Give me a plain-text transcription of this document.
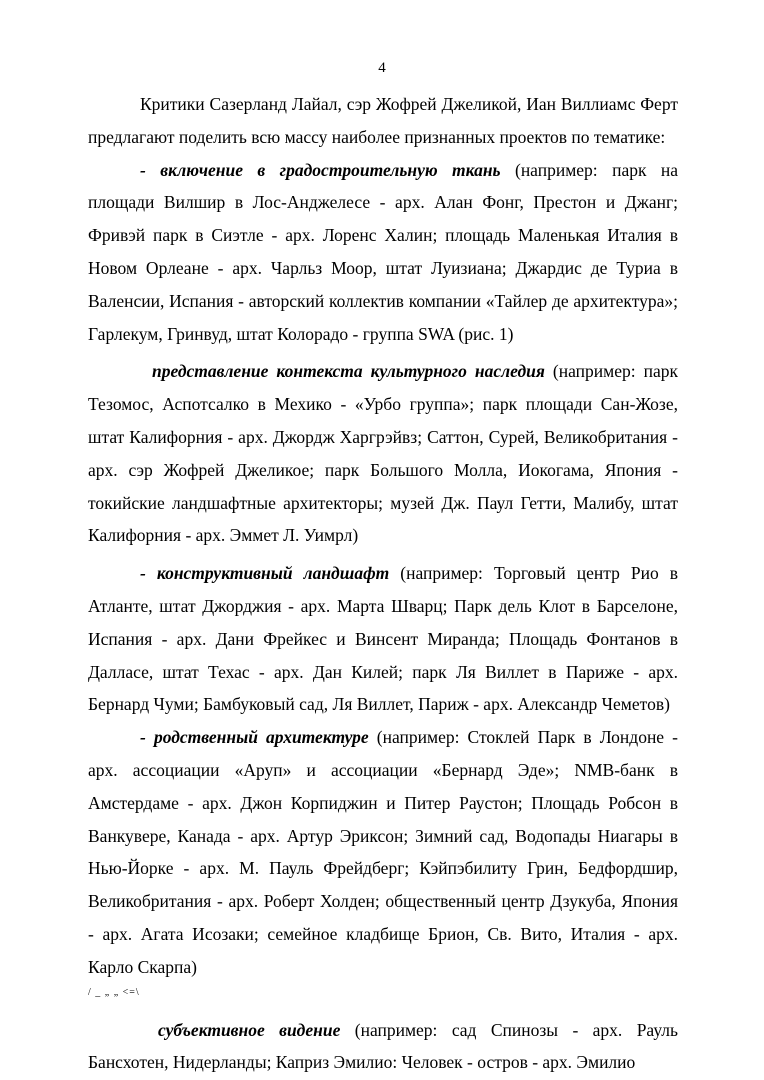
4

Критики Сазерланд Лайал, сэр Жофрей Джеликой, Иан Виллиамс Ферт предлагают поделить всю массу наиболее признанных проектов по тематике:

- включение в градостроительную ткань (например: парк на площади Вилшир в Лос-Анджелесе - арх. Алан Фонг, Престон и Джанг; Фривэй парк в Сиэтле - арх. Лоренс Халин; площадь Маленькая Италия в Новом Орлеане - арх. Чарльз Моор, штат Луизиана; Джардис де Туриа в Валенсии, Испания - авторский коллектив компании «Тайлер де архитектура»; Гарлекум, Гринвуд, штат Колорадо - группа SWA (рис. 1)

представление контекста культурного наследия (например: парк Тезомос, Аспотсалко в Мехико - «Урбо группа»; парк площади Сан-Жозе, штат Калифорния - арх. Джордж Харгрэйвз; Саттон, Сурей, Великобритания - арх. сэр Жофрей Джеликое; парк Большого Молла, Иокогама, Япония - токийские ландшафтные архитекторы; музей Дж. Паул Гетти, Малибу, штат Калифорния - арх. Эммет Л. Уимрл)

- конструктивный ландшафт (например: Торговый центр Рио в Атланте, штат Джорджия - арх. Марта Шварц; Парк дель Клот в Барселоне, Испания - арх. Дани Фрейкес и Винсент Миранда; Площадь Фонтанов в Далласе, штат Техас - арх. Дан Килей; парк Ля Виллет в Париже - арх. Бернард Чуми; Бамбуковый сад, Ля Виллет, Париж - арх. Александр Чеметов)

- родственный архитектуре (например: Стоклей Парк в Лондоне - арх. ассоциации «Аруп» и ассоциации «Бернард Эде»; NMB-банк в Амстердаме - арх. Джон Корпиджин и Питер Раустон; Площадь Робсон в Ванкувере, Канада - арх. Артур Эриксон; Зимний сад, Водопады Ниагары в Нью-Йорке - арх. М. Пауль Фрейдберг; Кэйпэбилиту Грин, Бедфордшир, Великобритания - арх. Роберт Холден; общественный центр Дзукуба, Япония - арх. Агата Исозаки; семейное кладбище Брион, Св. Вито, Италия - арх. Карло Скарпа)

/ _ „ „ <=\

субъективное видение (например: сад Спинозы - арх. Рауль Бансхотен, Нидерланды; Каприз Эмилио: Человек - остров - арх. Эмилио
